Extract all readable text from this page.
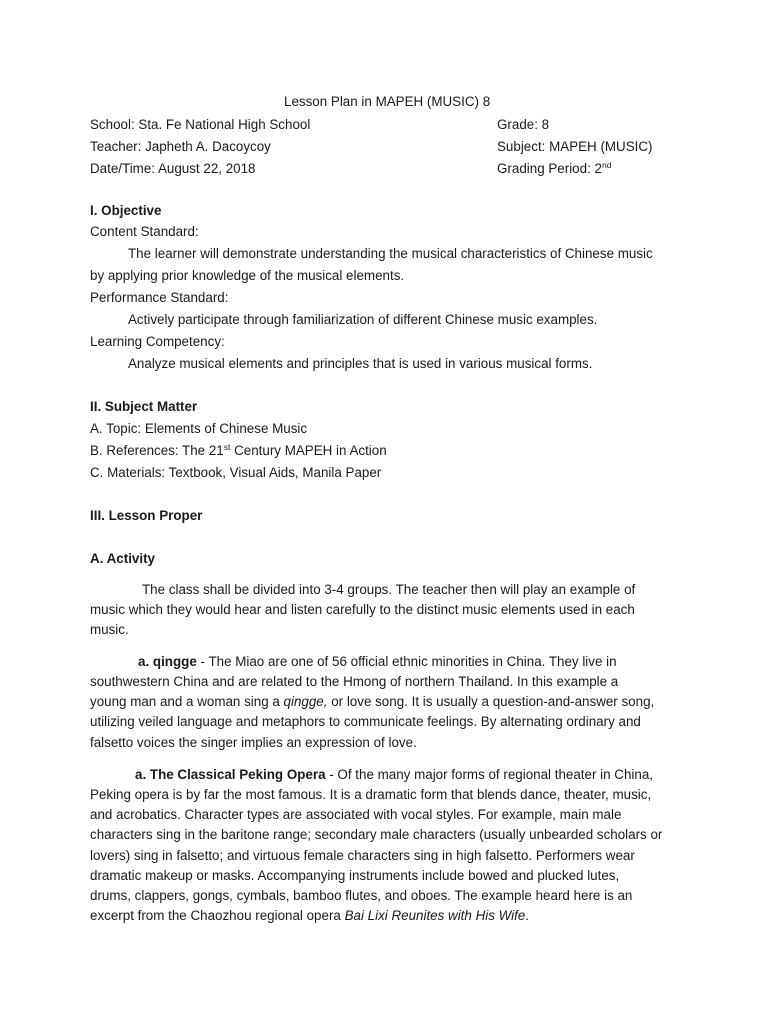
Lesson Plan in MAPEH (MUSIC) 8
School: Sta. Fe National High School	Grade: 8
Teacher: Japheth A. Dacoycoy	Subject: MAPEH (MUSIC)
Date/Time: August 22, 2018	Grading Period: 2nd
I. Objective
Content Standard:
The learner will demonstrate understanding the musical characteristics of Chinese music
by applying prior knowledge of the musical elements.
Performance Standard:
Actively participate through familiarization of different Chinese music examples.
Learning Competency:
Analyze musical elements and principles that is used in various musical forms.
II. Subject Matter
A. Topic: Elements of Chinese Music
B. References: The 21st Century MAPEH in Action
C. Materials: Textbook, Visual Aids, Manila Paper
III. Lesson Proper
A. Activity
The class shall be divided into 3-4 groups. The teacher then will play an example of
music which they would hear and listen carefully to the distinct music elements used in each
music.
a. qingge - The Miao are one of 56 official ethnic minorities in China. They live in
southwestern China and are related to the Hmong of northern Thailand. In this example a
young man and a woman sing a qingge, or love song. It is usually a question-and-answer song,
utilizing veiled language and metaphors to communicate feelings. By alternating ordinary and
falsetto voices the singer implies an expression of love.
a. The Classical Peking Opera - Of the many major forms of regional theater in China,
Peking opera is by far the most famous. It is a dramatic form that blends dance, theater, music,
and acrobatics. Character types are associated with vocal styles. For example, main male
characters sing in the baritone range; secondary male characters (usually unbearded scholars or
lovers) sing in falsetto; and virtuous female characters sing in high falsetto. Performers wear
dramatic makeup or masks. Accompanying instruments include bowed and plucked lutes,
drums, clappers, gongs, cymbals, bamboo flutes, and oboes. The example heard here is an
excerpt from the Chaozhou regional opera Bai Lixi Reunites with His Wife.
